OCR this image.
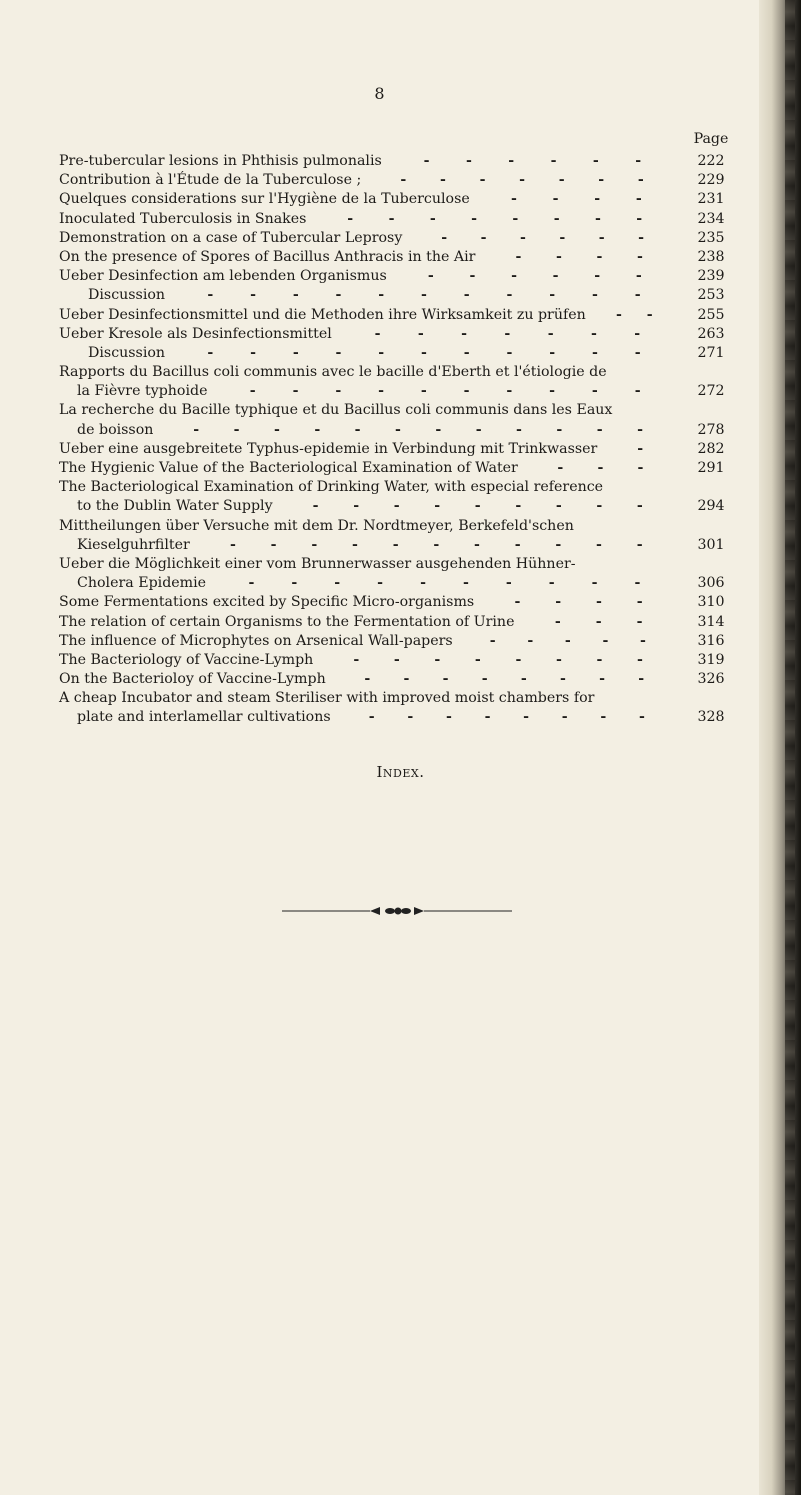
8
Page
Pre-tubercular lesions in Phthisis pulmonalis	-	-	-	-	-	-	222
Contribution à l'Étude de la Tuberculose ;	- - - - - - -	229
Quelques considerations sur l'Hygiène de la Tuberculose	-	-	-	-	231
Inoculated Tuberculosis in Snakes	- - - - - - - -	234
Demonstration on a case of Tubercular Leprosy	- - - - - -	235
On the presence of Spores of Bacillus Anthracis in the Air	- - - -	238
Ueber Desinfection am lebenden Organismus	-	-	-	-	-	-	239
Discussion	-	-	-	-	-	-	-	-	-	-	-	253
Ueber Desinfectionsmittel und die Methoden ihre Wirksamkeit zu prüfen - -	255
Ueber Kresole als Desinfectionsmittel	-	-	-	-	-	-	-	263
Discussion	-	-	-	-	-	-	-	-	-	-	-	271
Rapports du Bacillus coli communis avec le bacille d'Eberth et l'étiologie de
la Fièvre typhoide	-	-	-	-	-	-	-	-	-	-	272
La recherche du Bacille typhique et du Bacillus coli communis dans les Eaux
de boisson	- - - - - - - - - - - -	278
Ueber eine ausgebreitete Typhus-epidemie in Verbindung mit Trinkwasser	-	282
The Hygienic Value of the Bacteriological Examination of Water	- - -	291
The Bacteriological Examination of Drinking Water, with especial reference
to the Dublin Water Supply	- - - - - - - - -	294
Mittheilungen über Versuche mit dem Dr. Nordtmeyer, Berkefeld'schen
Kieselguhrfilter	- - - - - - - - - - -	301
Ueber die Möglichkeit einer vom Brunnerwasser ausgehenden Hühner-
Cholera Epidemie	-	-	-	-	-	-	-	-	-	-	306
Some Fermentations excited by Specific Micro-organisms	- - - -	310
The relation of certain Organisms to the Fermentation of Urine	- - -	314
The influence of Microphytes on Arsenical Wall-papers	- - - - -	316
The Bacteriology of Vaccine-Lymph	- - - - - - - -	319
On the Bacterioloy of Vaccine-Lymph	- - - - - - - -	326
A cheap Incubator and steam Steriliser with improved moist chambers for
plate and interlamellar cultivations	- - - - - - - -	328
Index.
